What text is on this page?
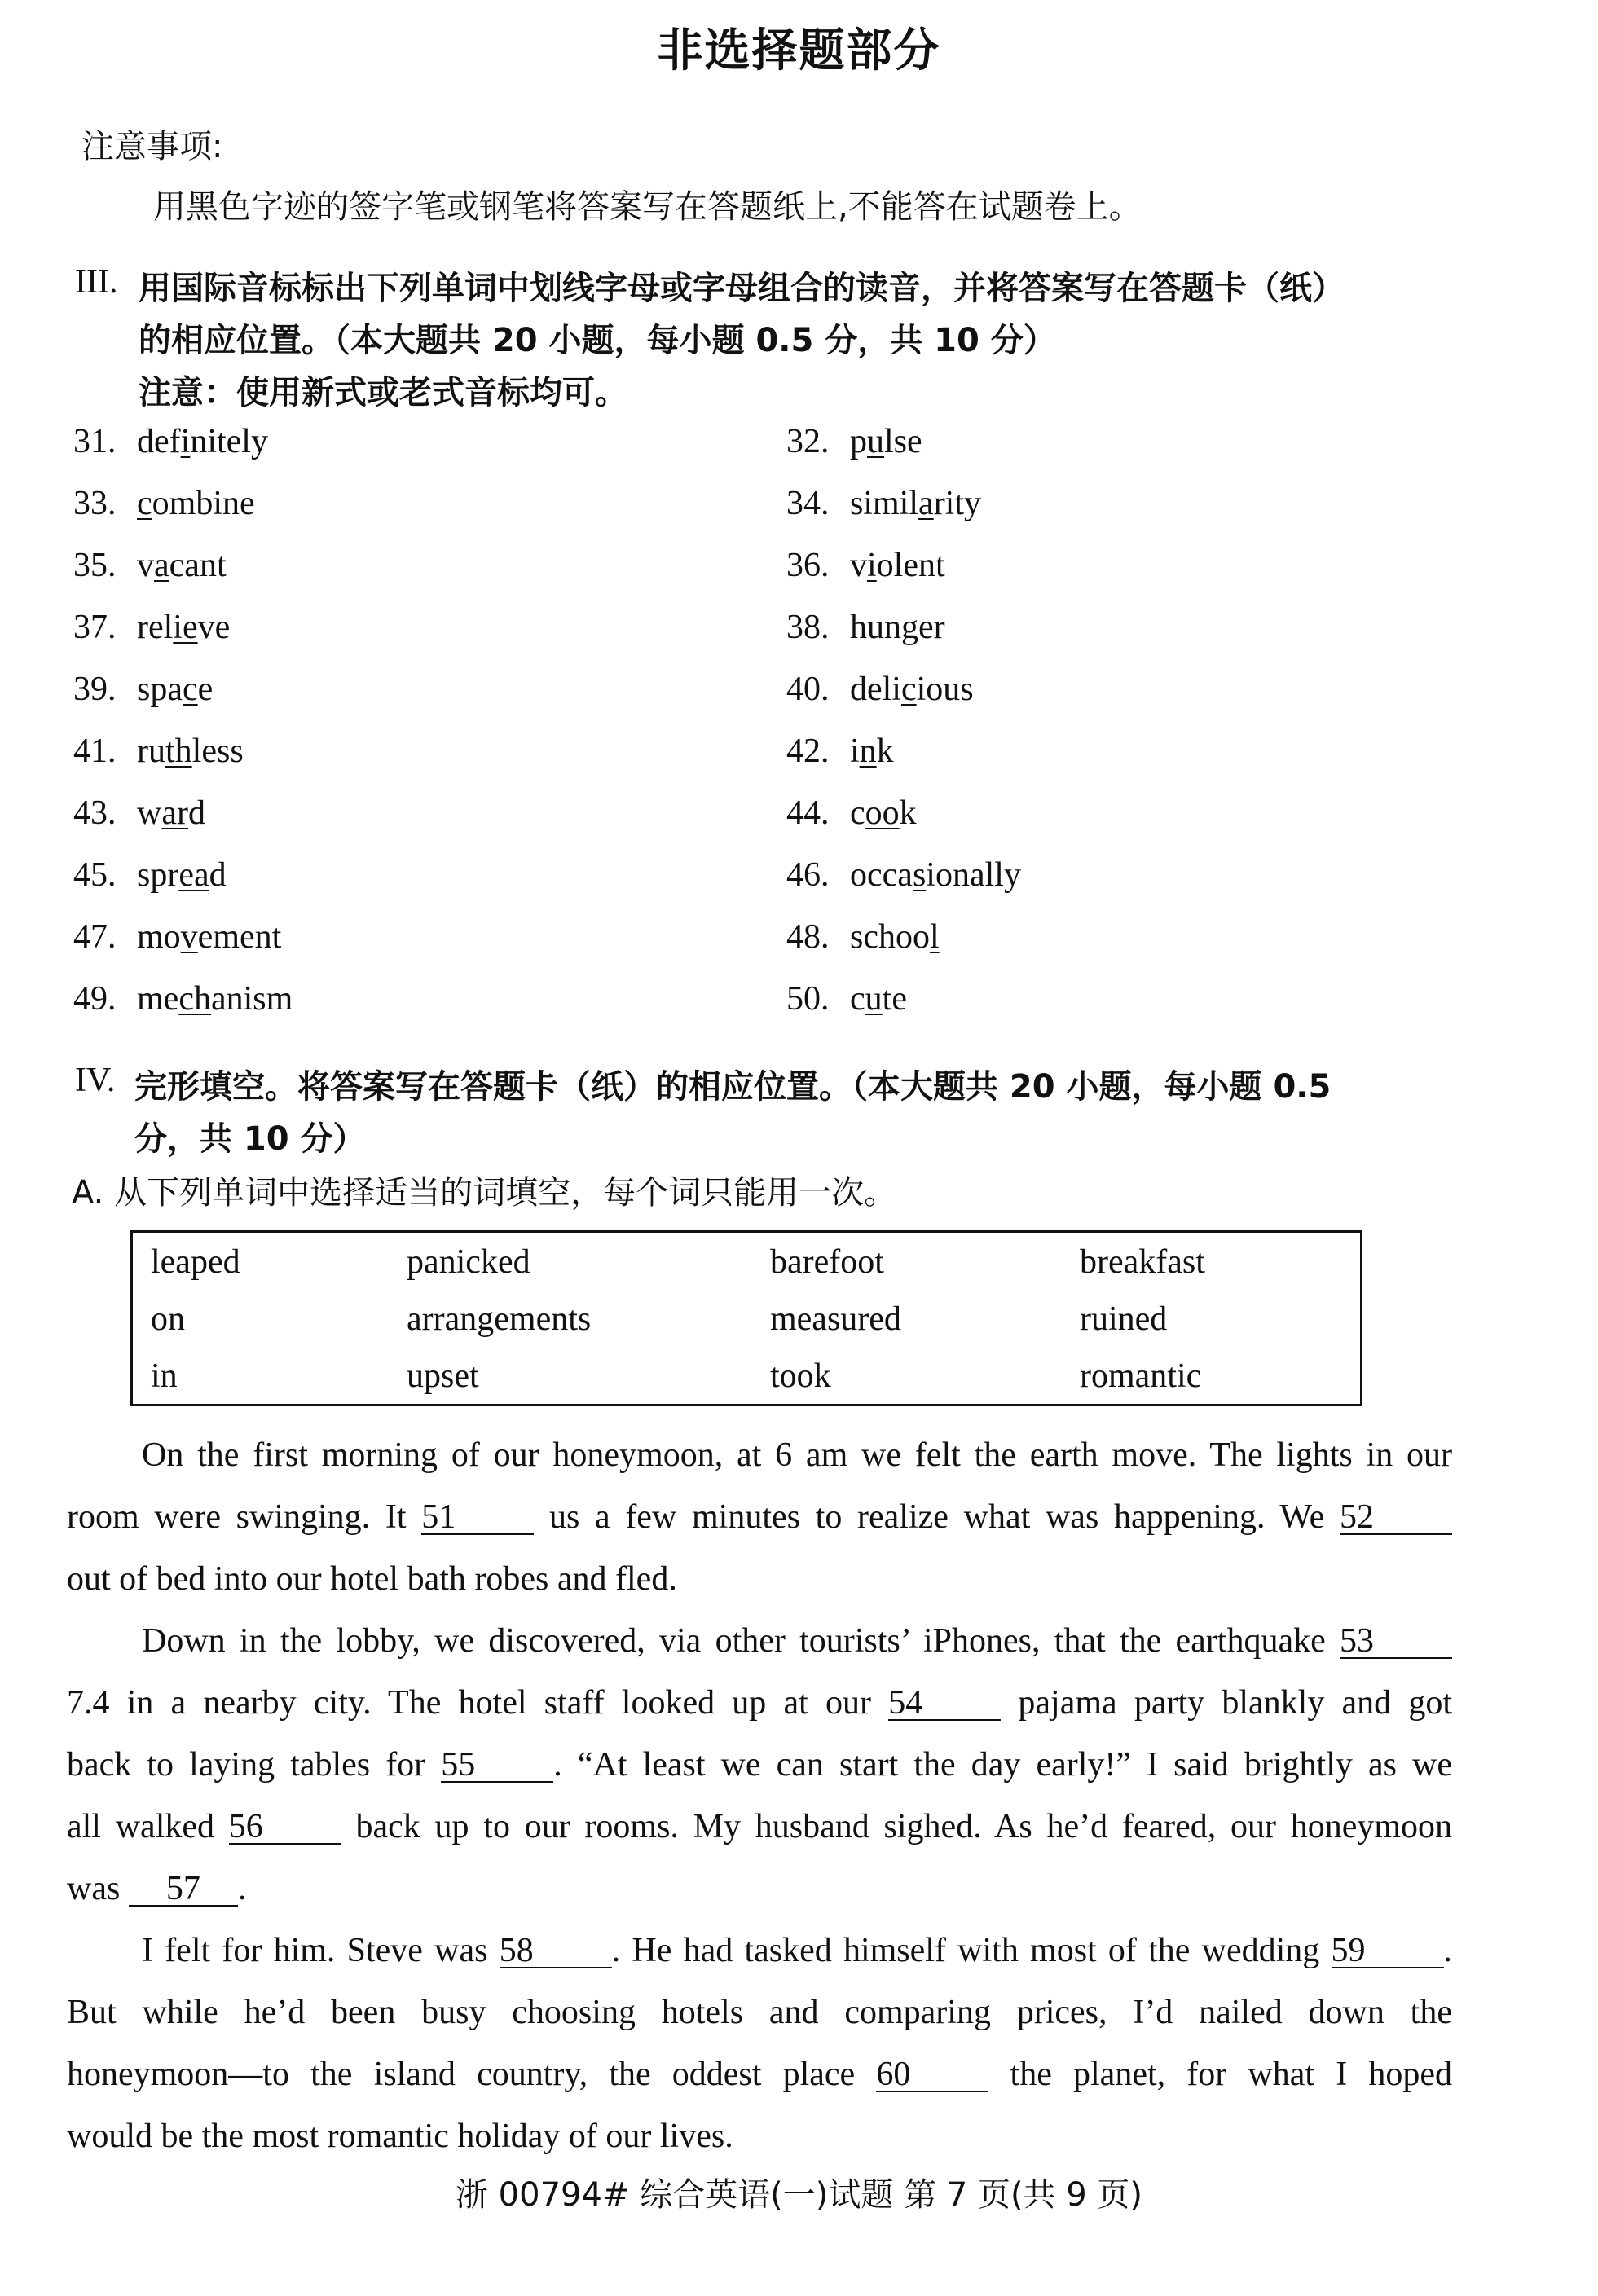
非选择题部分
注意事项:
用黑色字迹的签字笔或钢笔将答案写在答题纸上,不能答在试题卷上。
III. 用国际音标标出下列单词中划线字母或字母组合的读音，并将答案写在答题卡（纸）
的相应位置。（本大题共 20 小题，每小题 0.5 分，共 10 分）
注意：使用新式或老式音标均可。
31. definitely	32. pulse
33. combine	34. similarity
35. vacant	36. violent
37. relieve	38. hunger
39. space	40. delicious
41. ruthless	42. ink
43. ward	44. cook
45. spread	46. occasionally
47. movement	48. school
49. mechanism	50. cute
IV. 完形填空。将答案写在答题卡（纸）的相应位置。（本大题共 20 小题，每小题 0.5
分，共 10 分）
A. 从下列单词中选择适当的词填空，每个词只能用一次。
leaped	panicked	barefoot	breakfast
on	arrangements	measured	ruined
in	upset	took	romantic
On the first morning of our honeymoon, at 6 am we felt the earth move. The lights in our
room were swinging. It 51	us a few minutes to realize what was happening. We 52
out of bed into our hotel bath robes and fled.
Down in the lobby, we discovered, via other tourists’ iPhones, that the earthquake 53
7.4 in a nearby city. The hotel staff looked up at our 54	pajama party blankly and got
back to laying tables for 55 . “At least we can start the day early!” I said brightly as we
all walked 56	back up to our rooms. My husband sighed. As he’d feared, our honeymoon
was 57 .
I felt for him. Steve was 58 . He had tasked himself with most of the wedding 59 .
But while he’d been busy choosing hotels and comparing prices, I’d nailed down the
honeymoon—to the island country, the oddest place 60	the planet, for what I hoped
would be the most romantic holiday of our lives.
浙 00794# 综合英语(一)试题 第 7 页(共 9 页)
